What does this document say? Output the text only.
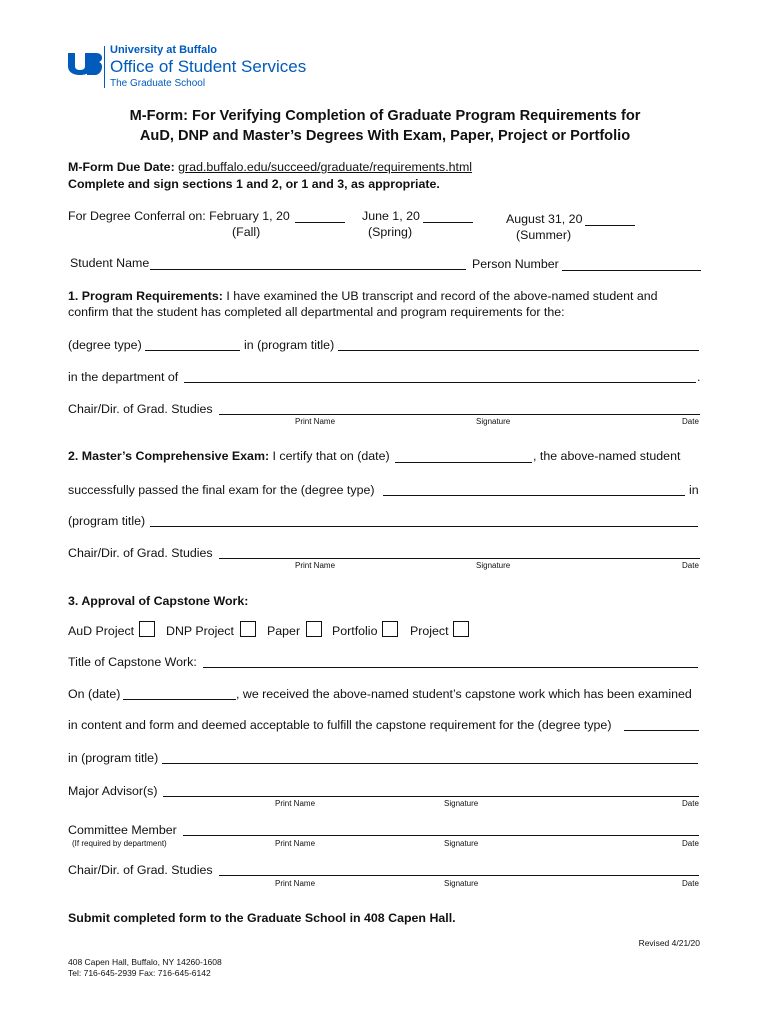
University at Buffalo
Office of Student Services
The Graduate School
M-Form: For Verifying Completion of Graduate Program Requirements for
AuD, DNP and Master’s Degrees With Exam, Paper, Project or Portfolio
M-Form Due Date: grad.buffalo.edu/succeed/graduate/requirements.html
Complete and sign sections 1 and 2, or 1 and 3, as appropriate.
For Degree Conferral on: February 1, 20
(Fall)
June 1, 20
(Spring)
August 31, 20
(Summer)
Student Name	Person Number
1. Program Requirements: I have examined the UB transcript and record of the above-named student and
confirm that the student has completed all departmental and program requirements for the:
(degree type)	in (program title)
in the department of	.
Chair/Dir. of Grad. Studies
Print Name	Signature	Date
2. Master’s Comprehensive Exam: I certify that on (date)	, the above-named student
successfully passed the final exam for the (degree type)	in
(program title)
Chair/Dir. of Grad. Studies
Print Name	Signature	Date
3. Approval of Capstone Work:
AuD Project	DNP Project	Paper	Portfolio	Project
Title of Capstone Work:
On (date)	, we received the above-named student’s capstone work which has been examined
in content and form and deemed acceptable to fulfill the capstone requirement for the (degree type)
in (program title)
Major Advisor(s)
Print Name	Signature	Date
Committee Member
(If required by department)	Print Name	Signature	Date
Chair/Dir. of Grad. Studies
Print Name	Signature	Date
Submit completed form to the Graduate School in 408 Capen Hall.
Revised 4/21/20
408 Capen Hall, Buffalo, NY 14260-1608
Tel: 716-645-2939 Fax: 716-645-6142
